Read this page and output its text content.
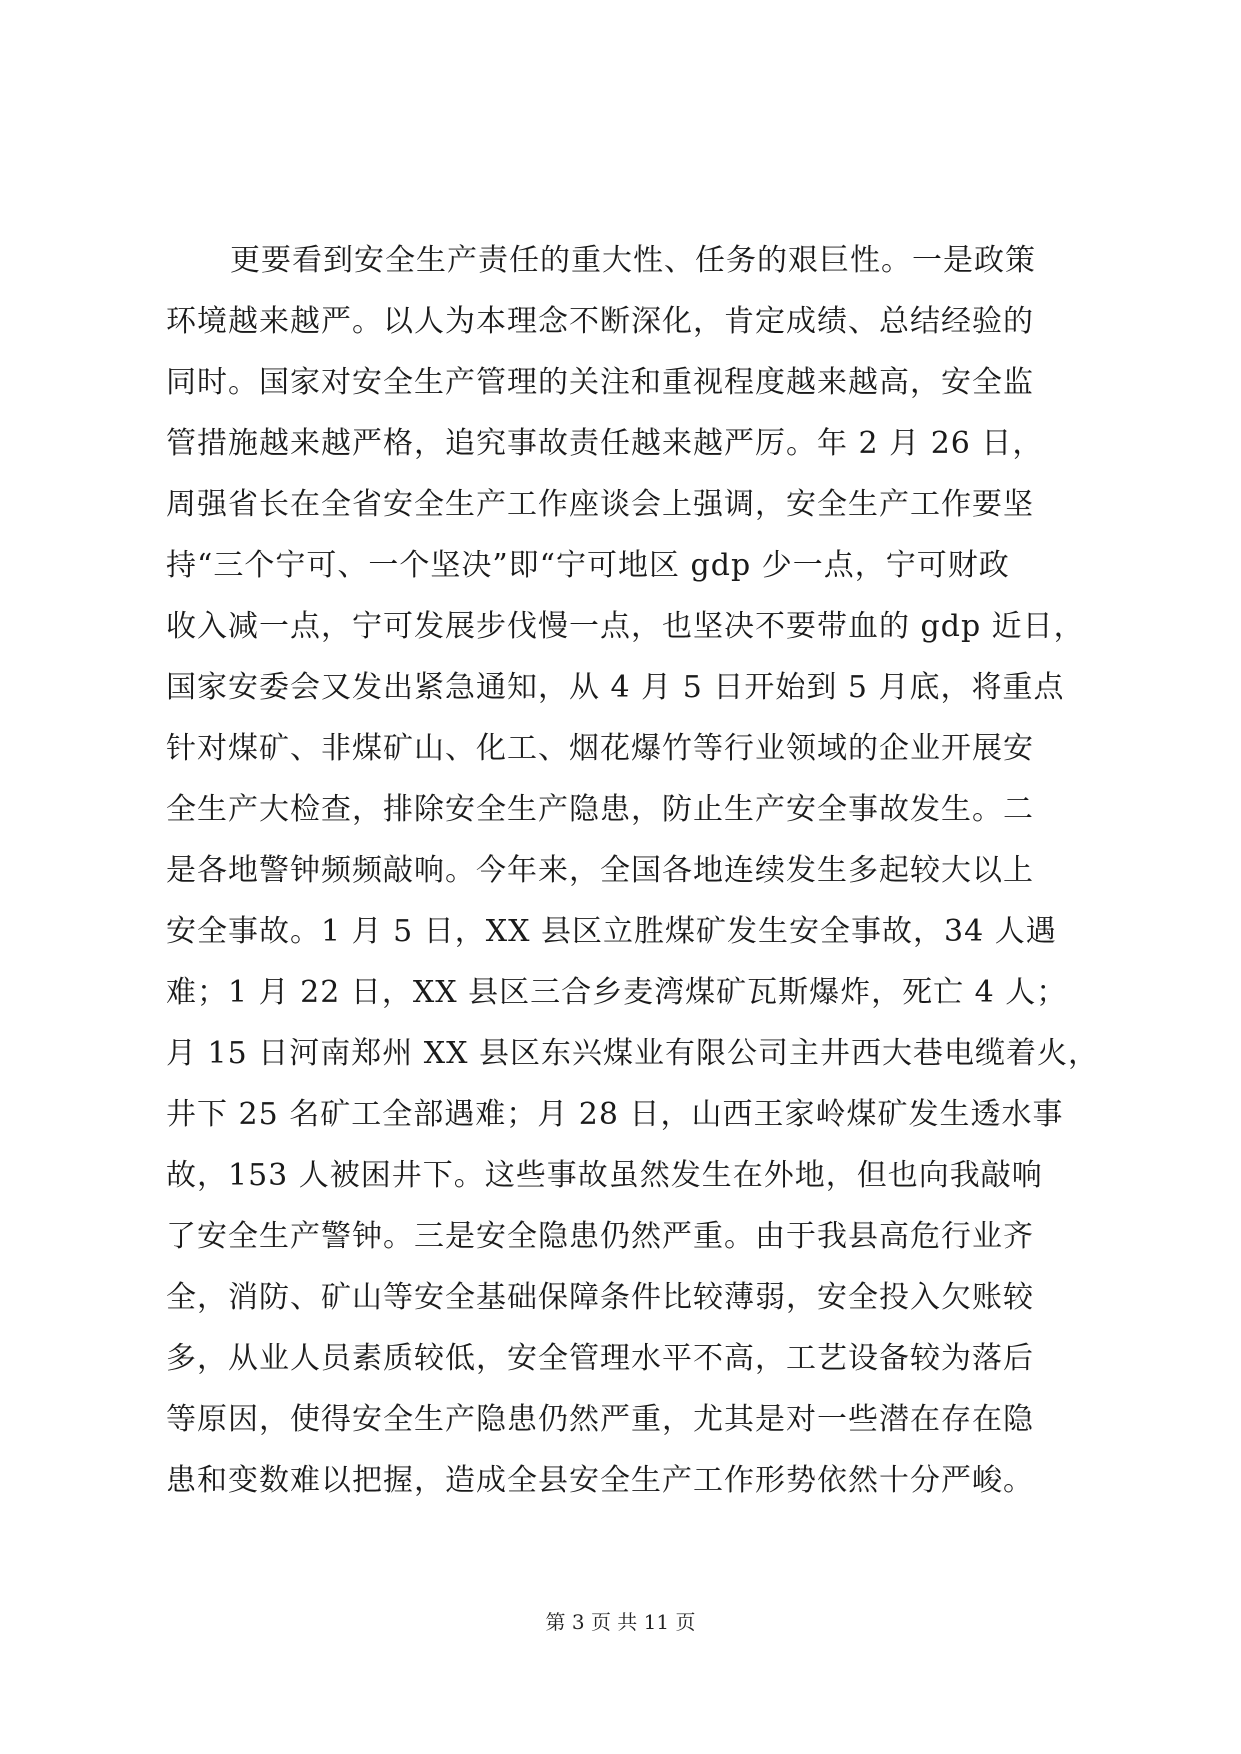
更要看到安全生产责任的重大性、任务的艰巨性。一是政策
环境越来越严。以人为本理念不断深化，肯定成绩、总结经验的
同时。国家对安全生产管理的关注和重视程度越来越高，安全监
管措施越来越严格，追究事故责任越来越严厉。年 2 月 26 日，
周强省长在全省安全生产工作座谈会上强调，安全生产工作要坚
持“三个宁可、一个坚决”即“宁可地区 gdp 少一点，宁可财政
收入减一点，宁可发展步伐慢一点，也坚决不要带血的 gdp 近日，
国家安委会又发出紧急通知，从 4 月 5 日开始到 5 月底，将重点
针对煤矿、非煤矿山、化工、烟花爆竹等行业领域的企业开展安
全生产大检查，排除安全生产隐患，防止生产安全事故发生。二
是各地警钟频频敲响。今年来，全国各地连续发生多起较大以上
安全事故。1 月 5 日，XX 县区立胜煤矿发生安全事故，34 人遇
难；1 月 22 日，XX 县区三合乡麦湾煤矿瓦斯爆炸，死亡 4 人；
月 15 日河南郑州 XX 县区东兴煤业有限公司主井西大巷电缆着火，
井下 25 名矿工全部遇难；月 28 日，山西王家岭煤矿发生透水事
故，153 人被困井下。这些事故虽然发生在外地，但也向我敲响
了安全生产警钟。三是安全隐患仍然严重。由于我县高危行业齐
全，消防、矿山等安全基础保障条件比较薄弱，安全投入欠账较
多，从业人员素质较低，安全管理水平不高，工艺设备较为落后
等原因，使得安全生产隐患仍然严重，尤其是对一些潜在存在隐
患和变数难以把握，造成全县安全生产工作形势依然十分严峻。
第 3 页 共 11 页
